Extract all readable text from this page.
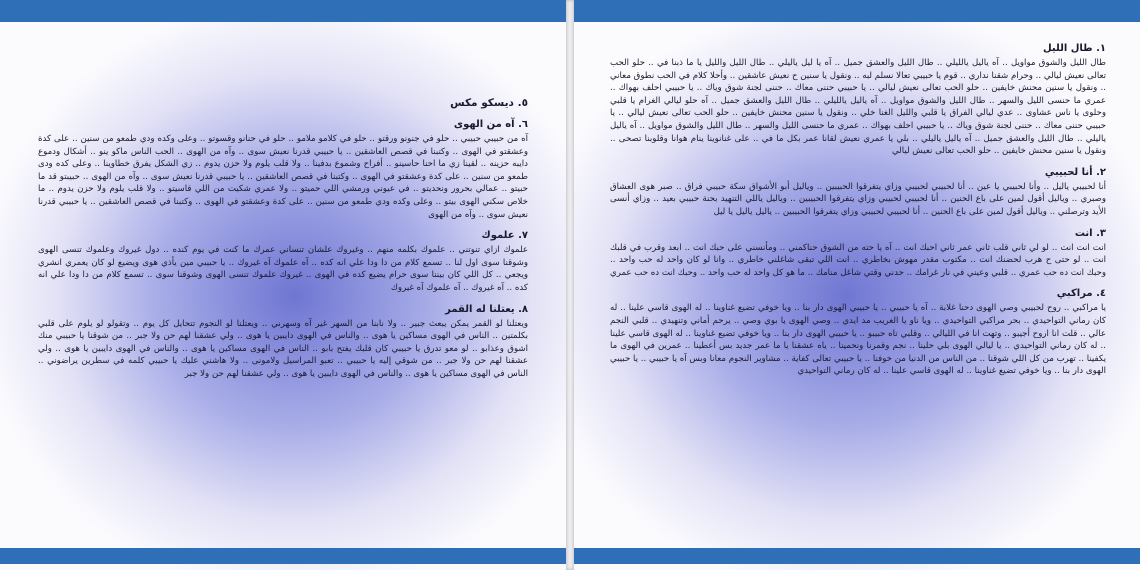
٥. ديسكو مكس
٦. آه من الهوى

آه من حبيبي حبيبي .. حلو في جنونو ورقتو .. حلو في كلامو ملامو .. حلو في حنانو وقسوتو .. وعلى وكده ودي طمعو من سنين .. على كدة وعشقتو في الهوى .. وكتبنا في قصص العاشقين .. يا حبيبي قدرنا نعيش سوى .. وآه من الهوى .. الحب الناس ماكو ينو .. أشكال ودموع دايبه حزينه .. لقينا زي ما احنا حاسينو .. أفراح وشموع بدفينا .. ولا قلب يلوم ولا حزن يدوم .. زي الشكل يفرق خطاوينا .. وعلى كده ودى طمعو من سنين .. على كدة وعشقتو في الهوى .. وكتبنا في قصص العاشقين .. يا حبيبي قدرنا نعيش سوى .. وآه من الهوى .. حبيبتو قد ما حبيتو .. عمالي بحرور ونحديتو .. في عيوني ورمشي اللي حميتو .. ولا عمري شكيت من اللي قاسيتو .. ولا قلب يلوم ولا حزن يدوم .. ما خلاص سكني الهوى بيتو .. وعلى وكده ودي طمعو من سنين .. على كدة وعشقتو في الهوى .. وكتبنا في قصص العاشقين .. يا حبيبي قدرنا نعيش سوى .. وآه من الهوى

٧. علموك

علموك ازاي تنوتني .. علموك بكلمه منهم .. وغيروك علشان تنساني عمرك ما كنت في يوم كنده .. دول غيروك وعلموك تنسى الهوى وشوقنا سوى اول لنا .. تسمع كلام من دا ودا علي انه كده .. آه علموك آه غيروك .. يا حبيبي مين يأذي هوى ويضيع لو كان يعمري انشري ويجعي .. كل اللي كان بيننا سوى حرام يضيع كده في الهوى .. غيروك علموك تنسى الهوى وشوقنا سوى .. تسمع كلام من دا ودا علي انه كده .. آه غيروك .. آه علموك آه غيروك

٨. يعتلنا له القمر

ويعتلنا لو القمر يمكن يبعث جبير .. ولا نابنا من السهر غير آه وسهرني .. ويعتلنا لو النجوم تتحايل كل يوم .. وتقولو لو يلوم على قلبي بكلمتين .. الناس في الهوى مساكين يا هوى .. والناس في الهوى دايبين يا هوى .. ولي عشقنا لهم حن ولا جبر .. من شوقنا يا حبيبي منك اشوق وعذابو .. لو معو تدرق يا حبيبي كان قلبك يفتح بابو .. الناس في الهوى مساكين يا هوى .. والناس في الهوى دايبين يا هوى .. ولي عشقنا لهم حن ولا جبر .. من شوقي إليه يا حبيبي .. تعبو المراسيل ولامونى .. ولا هاشني عليك يا حبيبي كلمه في سطرين يراضوني .. الناس في الهوى مساكين يا هوى .. والناس في الهوى دايبين يا هوى .. ولي عشقنا لهم حن ولا جبر

١. طال الليل

طال الليل والشوق مواويل .. آه ياليل يالليلي .. طال الليل والعشق جميل .. آه يا ليل ياليلي .. طال الليل والليل يا ما ذبنا في .. حلو الحب تعالى نعيش ليالي .. وحرام شقنا نداري .. قوم يا حبيبي تعالا نسلم لبه .. ونقول يا سنين ح نعيش عاشقين .. وأحلا كلام في الحب نطوق معاني .. ونقول يا سنين محنش خايفين .. حلو الحب تعالى نعيش ليالي .. يا حبيبي حننى معاك .. حننى لجنة شوق وياك .. يا حبيبي احلف بهواك .. عمري ما حنسى الليل والسهر .. طال الليل والشوق مواويل .. آه ياليل يالليلي .. طال الليل والعشق جميل .. آه حلو ليالي الغرام يا قلبي وحلوى يا ناس عشاوى .. عدي ليالي الفراق يا قلبي والليل الغنا خلي .. ونقول يا سنين محنش خايفين .. حلو الحب تعالى نعيش ليالي .. يا حبيبي حننى معاك .. حننى لجنة شوق وياك .. يا حبيبي احلف بهواك .. عمري ما حنسى الليل والسهر .. طال الليل والشوق مواويل .. آه ياليل ياليلي .. طال الليل والعشق جميل .. آه ياليل ياليلي .. بلي يا عمري نعيش لقانا عمر بكل ما في .. على غنانوينا ينام هوانا وقلوبنا تصحى .. ونقول يا سنين محنش خايفين .. حلو الحب تعالى نعيش ليالي

٢. أنا لحبيبي

أنا لحبيبي ياليل .. وأنا لحبيبي يا عين .. أنا لحبيبي لحبيبي وزاي يتفرقوا الحبيبين .. وياليل أبو الأشواق سكة حبيبي فراق .. صبر هوى العشاق وصبري .. وياليل أقول لمين على باع الحنين .. أنا لحبيبي لحبيبي وزاي يتفرقوا الحبيبين .. وياليل ياللي التنهيد بحنة حبيبي بعيد .. وزاي أنسى الأيد وترصلني .. وياليل أقول لمين على باع الحنين .. أنا لحبيبي لحبيبي وزاي يتفرقوا الحبيبين .. ياليل ياليل يا ليل

٣. انت

انت انت انت .. لو لي ثاني قلب ثاني عمر ثاني احبك انت .. آه يا حته من الشوق حناكمني .. ومأنسني على حبك انت .. ابعد وقرب في قلبك انت .. لو حتى ح هرب لحضنك انت .. مكتوب مقدر مهوش بخاطري .. انت اللي تبقى شاغلني خاطري .. وانا لو كان واحد له حب واحد .. وحبك انت ده حب عمري .. قلبي وعيني في نار غرامك .. حدني وقتي شاغل منامك .. ما هو كل واحد له حب واحد .. وحبك انت ده حب عمري

٤. مراكبي

يا مراكبي .. روح لحبيبي وصي الهوى دحنا غلابة .. آه يا حبيبي .. يا حبيبي الهوى دار بنا .. ويا خوفي تضيع غناوينا .. له الهوى قاسي علينا .. له كان رماني التواحيدي .. بحر مراكبي التواحيدي .. ويا ناو يا الغريب مد ايدي .. وصي الهوى يا بوي وصي .. يرحم أماني وتنهيدي .. قلبي النجم عالي .. قلت انا اروح أجيبو .. وتهت انا في الليالي .. وقلبي تاه حبيبو .. يا حبيبي الهوى دار بنا .. ويا خوفي تضيع غناوينا .. له الهوى قاسي علينا .. له كان رماني التواحيدي .. يا ليالي الهوى بلي حلينا .. نجم وقمرنا ونحمينا .. ياه عشقنا يا ما عمر جديد بس أعطينا .. عمرين في الهوى ما يكفينا .. تهرب من كل اللي شوقنا .. من الناس من الدنيا من خوفنا .. يا حبيبي تعالى كفاية .. مشاوير النجوم معانا وبس آه يا حبيبي .. يا حبيبي الهوى دار بنا .. ويا خوفي تضيع غناوينا .. له الهوى قاسي علينا .. له كان رماني التواحيدي
